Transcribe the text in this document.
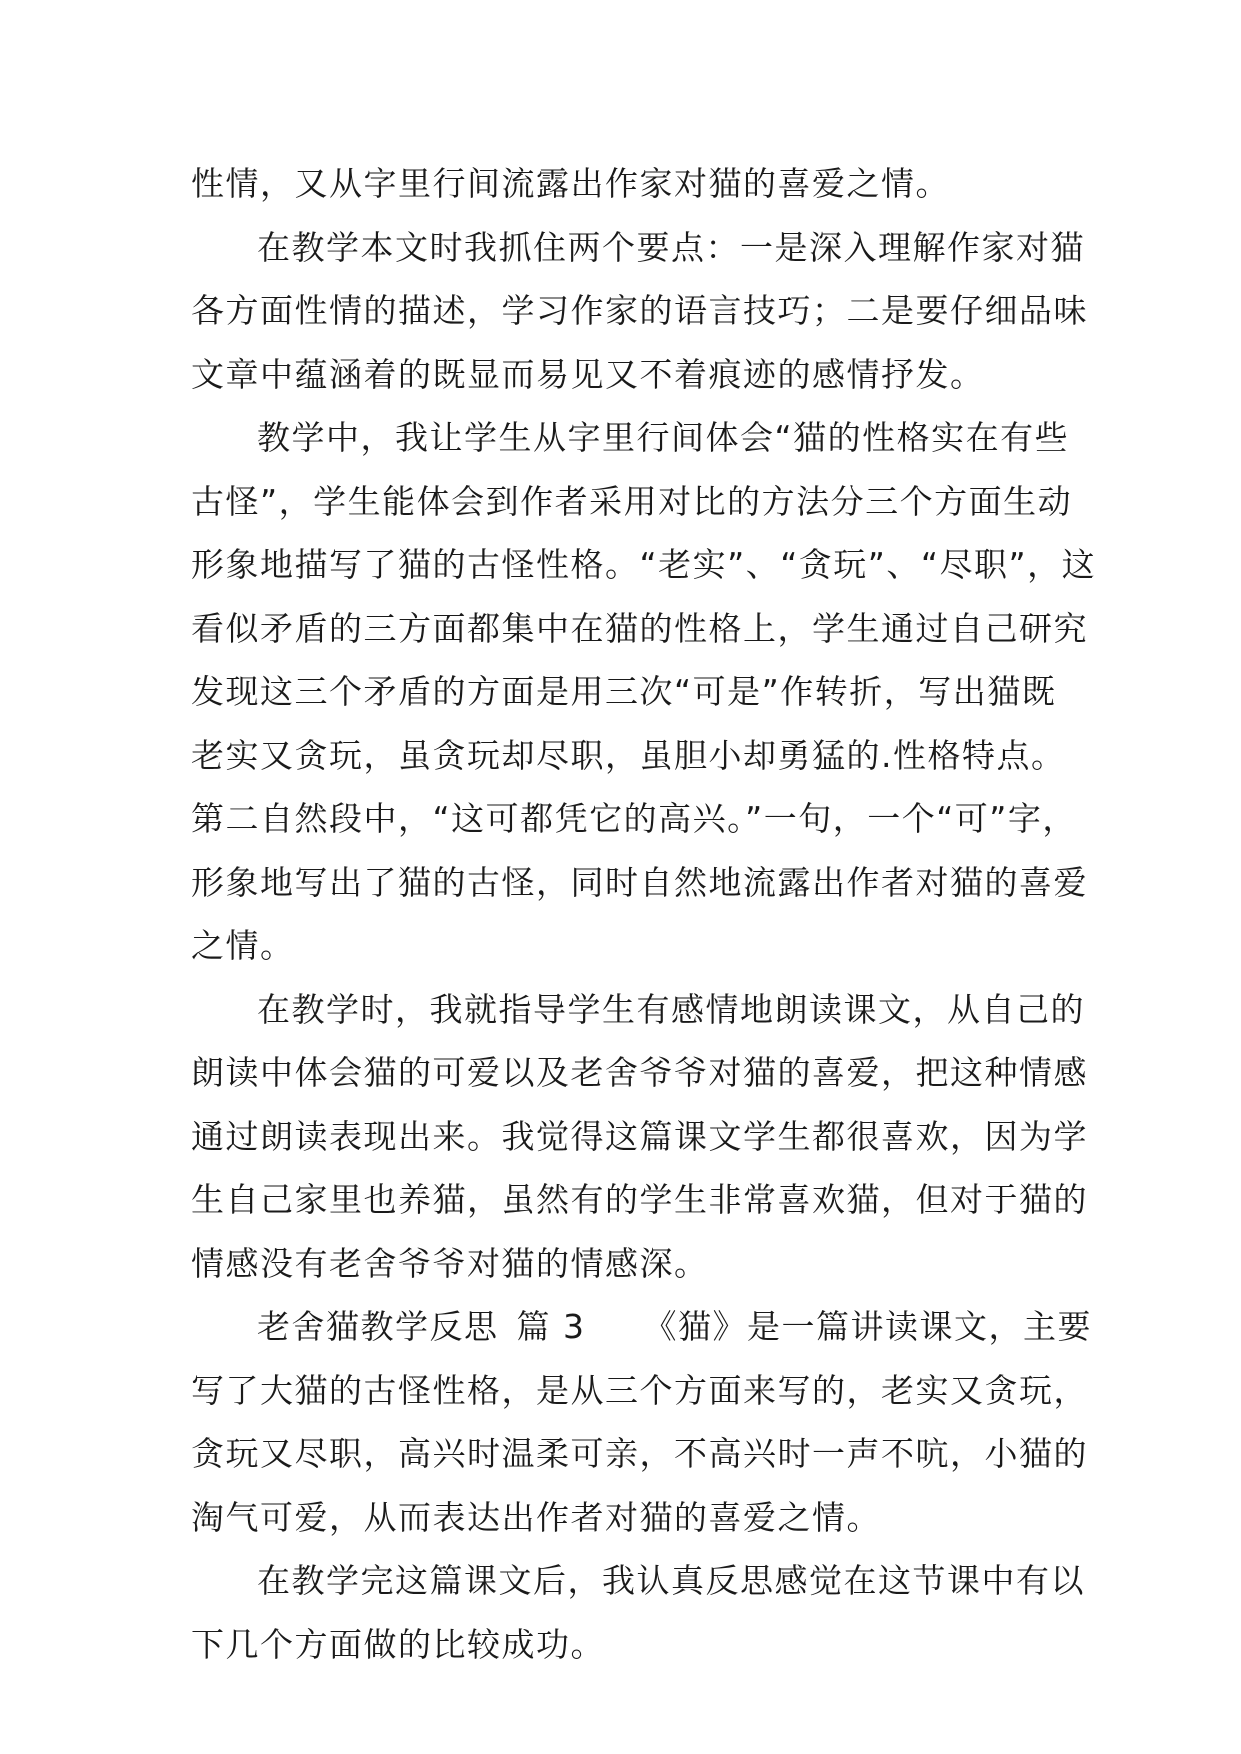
性情，又从字里行间流露出作家对猫的喜爱之情。
在教学本文时我抓住两个要点：一是深入理解作家对猫
各方面性情的描述，学习作家的语言技巧；二是要仔细品味
文章中蕴涵着的既显而易见又不着痕迹的感情抒发。
教学中，我让学生从字里行间体会“猫的性格实在有些
古怪”，学生能体会到作者采用对比的方法分三个方面生动
形象地描写了猫的古怪性格。“老实”、“贪玩”、“尽职”，这
看似矛盾的三方面都集中在猫的性格上，学生通过自己研究
发现这三个矛盾的方面是用三次“可是”作转折，写出猫既
老实又贪玩，虽贪玩却尽职，虽胆小却勇猛的.性格特点。
第二自然段中，“这可都凭它的高兴。”一句，一个“可”字，
形象地写出了猫的古怪，同时自然地流露出作者对猫的喜爱
之情。
在教学时，我就指导学生有感情地朗读课文，从自己的
朗读中体会猫的可爱以及老舍爷爷对猫的喜爱，把这种情感
通过朗读表现出来。我觉得这篇课文学生都很喜欢，因为学
生自己家里也养猫，虽然有的学生非常喜欢猫，但对于猫的
情感没有老舍爷爷对猫的情感深。
老舍猫教学反思 篇 3 《猫》是一篇讲读课文，主要
写了大猫的古怪性格，是从三个方面来写的，老实又贪玩，
贪玩又尽职，高兴时温柔可亲，不高兴时一声不吭，小猫的
淘气可爱，从而表达出作者对猫的喜爱之情。
在教学完这篇课文后，我认真反思感觉在这节课中有以
下几个方面做的比较成功。
